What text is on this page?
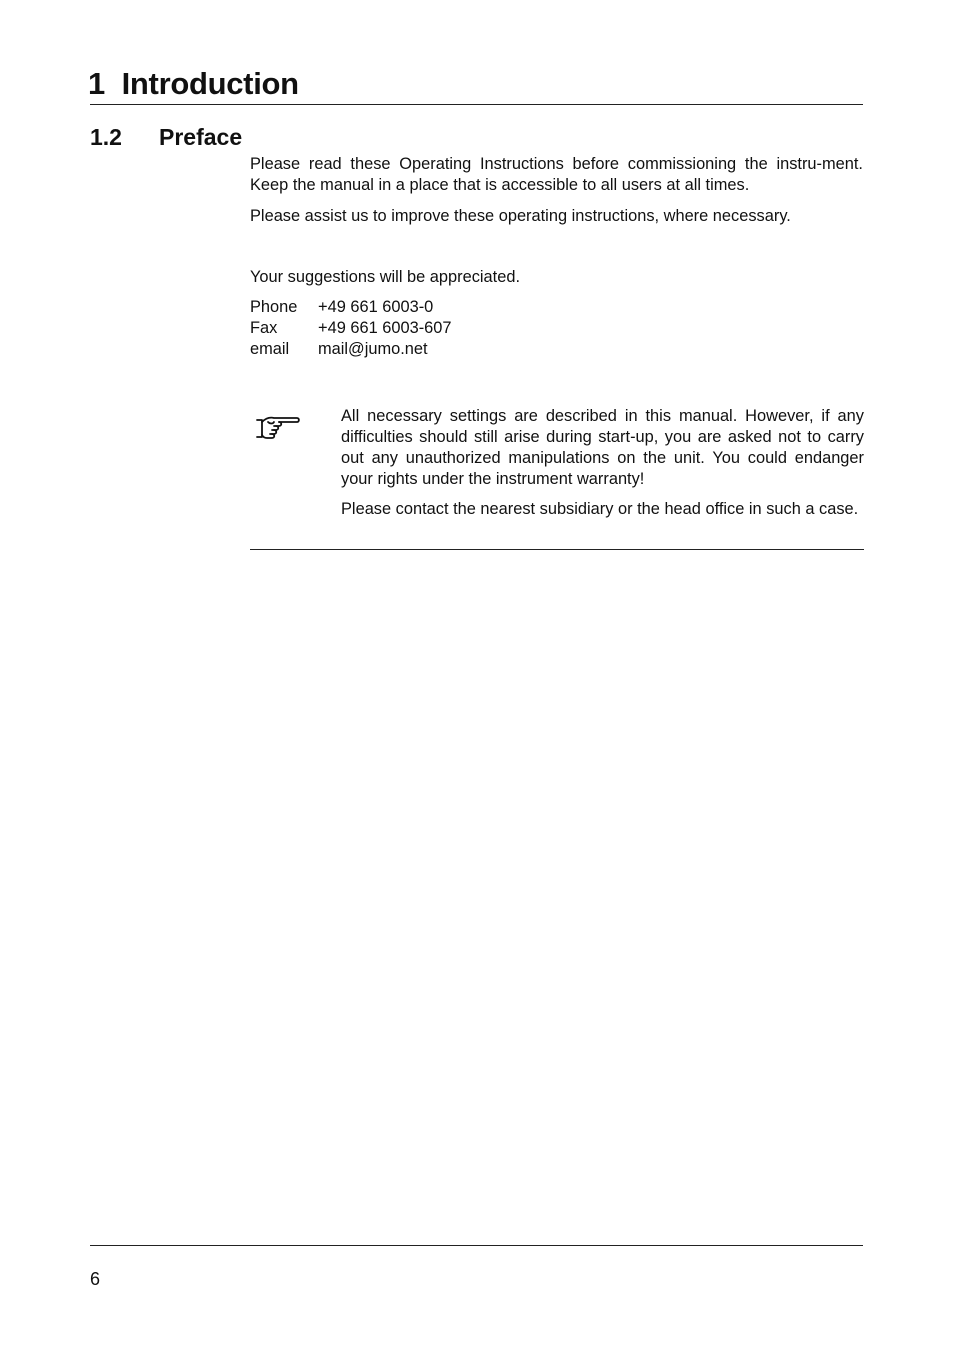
1 Introduction
1.2 Preface

Please read these Operating Instructions before commissioning the instru-ment. Keep the manual in a place that is accessible to all users at all times.

Please assist us to improve these operating instructions, where necessary.

Your suggestions will be appreciated.

Phone	+49 661 6003-0
Fax	+49 661 6003-607
email	mail@jumo.net

All necessary settings are described in this manual. However, if any difficulties should still arise during start-up, you are asked not to carry out any unauthorized manipulations on the unit. You could endanger your rights under the instrument warranty!

Please contact the nearest subsidiary or the head office in such a case.

6
